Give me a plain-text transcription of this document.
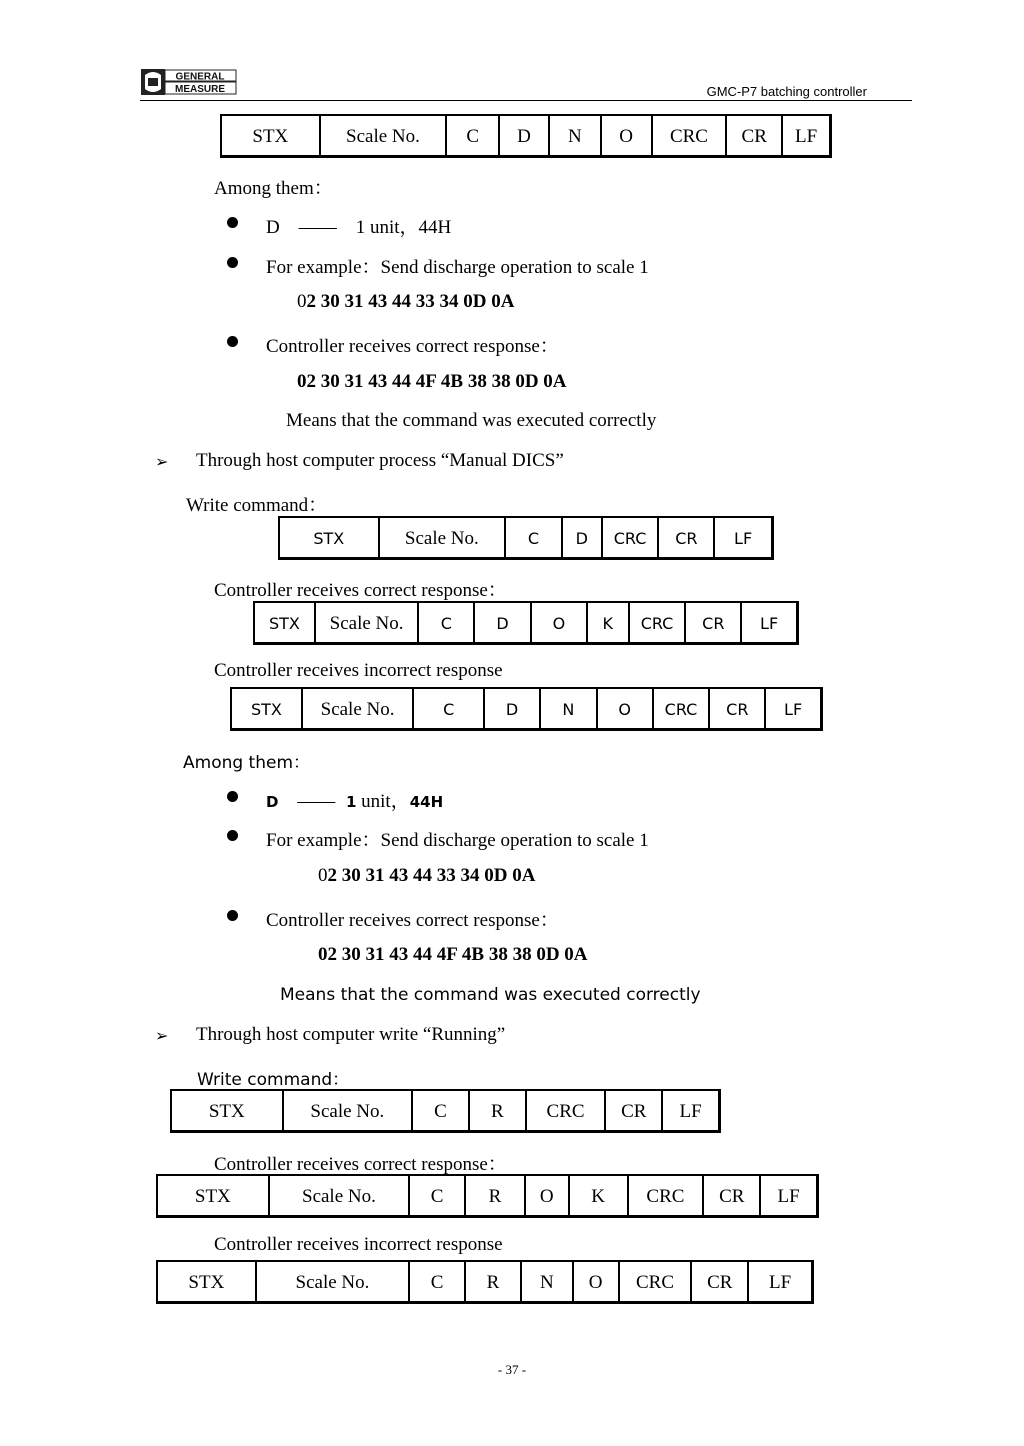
GENERAL
MEASURE	GMC-P7 batching controller
STX	Scale No.	C	D	N	O	CRC	CR	LF
Among them：
D　——　1 unit，44H
For example：Send discharge operation to scale 1
02 30 31 43 44 33 34 0D 0A
Controller receives correct response：
02 30 31 43 44 4F 4B 38 38 0D 0A
Means that the command was executed correctly
➢ Through host computer process “Manual DICS”
Write command：
STX	Scale No.	C	D	CRC	CR	LF
Controller receives correct response：
STX	Scale No.	C	D	O	K	CRC	CR	LF
Controller receives incorrect response
STX	Scale No.	C	D	N	O	CRC	CR	LF
Among them：
D —— 1 unit，44H
For example：Send discharge operation to scale 1
02 30 31 43 44 33 34 0D 0A
Controller receives correct response：
02 30 31 43 44 4F 4B 38 38 0D 0A
Means that the command was executed correctly
➢ Through host computer write “Running”
Write command：
STX	Scale No.	C	R	CRC	CR	LF
Controller receives correct response：
STX	Scale No.	C	R	O	K	CRC	CR	LF
Controller receives incorrect response
STX	Scale No.	C	R	N	O	CRC	CR	LF
- 37 -
